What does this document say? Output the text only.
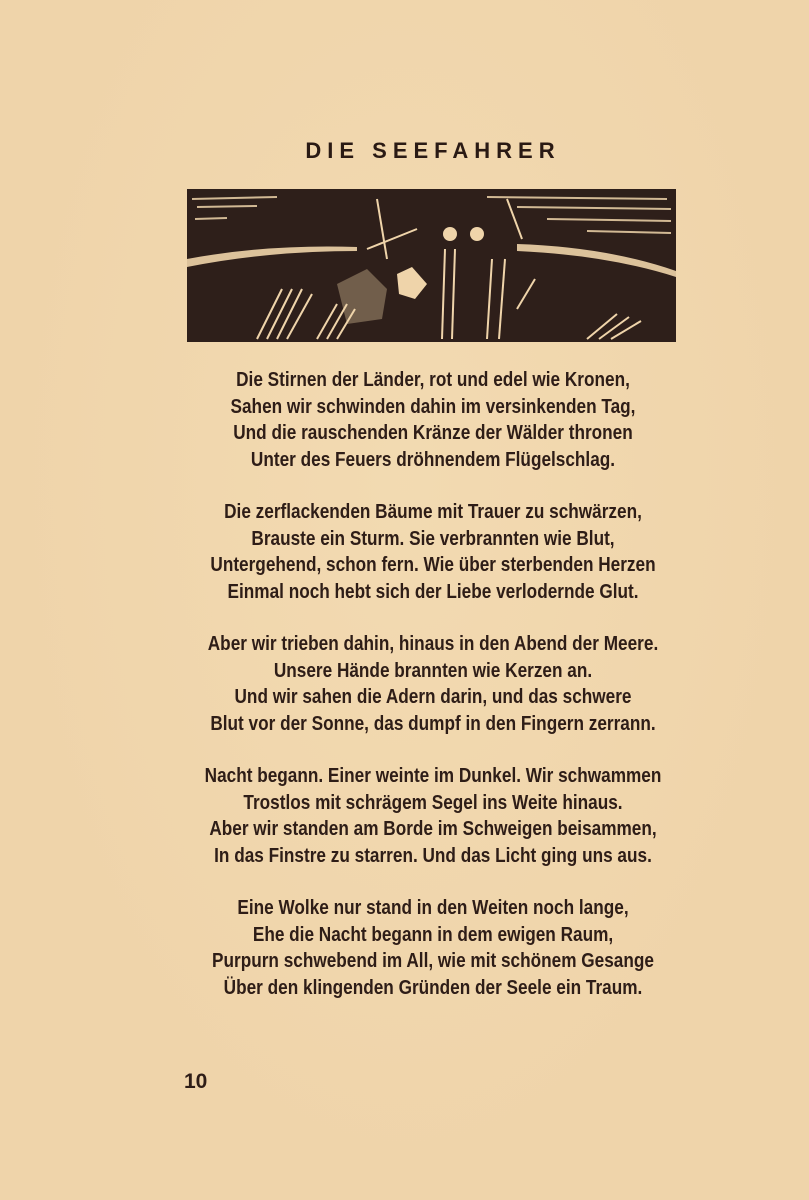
DIE SEEFAHRER
Die Stirnen der Länder, rot und edel wie Kronen,
Sahen wir schwinden dahin im versinkenden Tag,
Und die rauschenden Kränze der Wälder thronen
Unter des Feuers dröhnendem Flügelschlag.
Die zerflackenden Bäume mit Trauer zu schwärzen,
Brauste ein Sturm. Sie verbrannten wie Blut,
Untergehend, schon fern. Wie über sterbenden Herzen
Einmal noch hebt sich der Liebe verlodernde Glut.
Aber wir trieben dahin, hinaus in den Abend der Meere.
Unsere Hände brannten wie Kerzen an.
Und wir sahen die Adern darin, und das schwere
Blut vor der Sonne, das dumpf in den Fingern zerrann.
Nacht begann. Einer weinte im Dunkel. Wir schwammen
Trostlos mit schrägem Segel ins Weite hinaus.
Aber wir standen am Borde im Schweigen beisammen,
In das Finstre zu starren. Und das Licht ging uns aus.
Eine Wolke nur stand in den Weiten noch lange,
Ehe die Nacht begann in dem ewigen Raum,
Purpurn schwebend im All, wie mit schönem Gesange
Über den klingenden Gründen der Seele ein Traum.
10
